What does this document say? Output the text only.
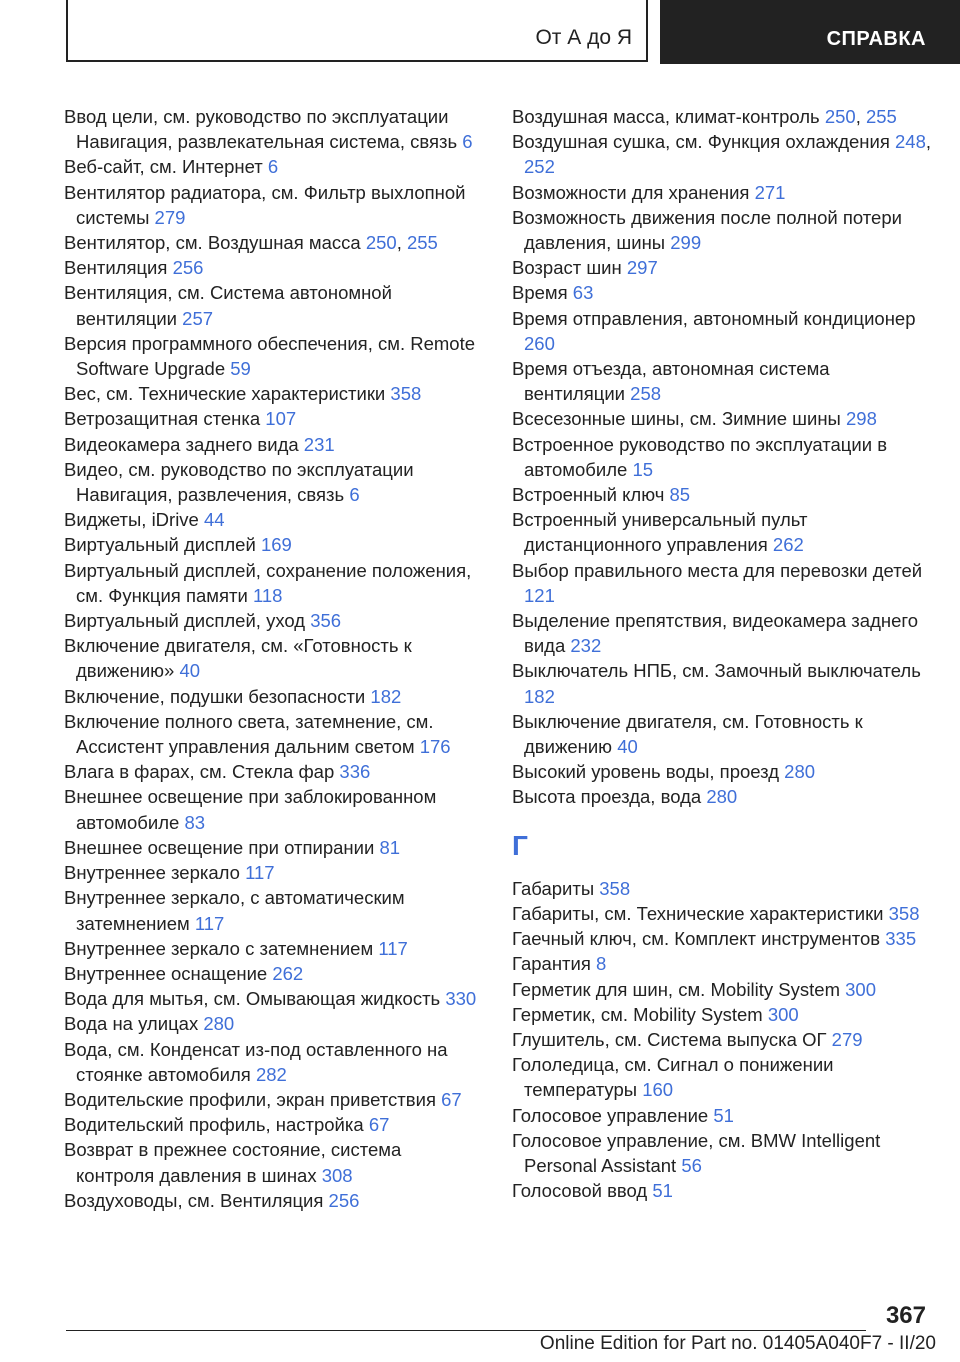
От А до Я	СПРАВКА
Ввод цели, см. руководство по эксплуатации Навигация, развлекательная система, связь 6
Веб-сайт, см. Интернет 6
Вентилятор радиатора, см. Фильтр выхлопной системы 279
Вентилятор, см. Воздушная масса 250, 255
Вентиляция 256
Вентиляция, см. Система автономной вентиляции 257
Версия программного обеспечения, см. Remote Software Upgrade 59
Вес, см. Технические характеристики 358
Ветрозащитная стенка 107
Видеокамера заднего вида 231
Видео, см. руководство по эксплуатации Навигация, развлечения, связь 6
Виджеты, iDrive 44
Виртуальный дисплей 169
Виртуальный дисплей, сохранение положения, см. Функция памяти 118
Виртуальный дисплей, уход 356
Включение двигателя, см. «Готовность к движению» 40
Включение, подушки безопасности 182
Включение полного света, затемнение, см. Ассистент управления дальним светом 176
Влага в фарах, см. Стекла фар 336
Внешнее освещение при заблокированном автомобиле 83
Внешнее освещение при отпирании 81
Внутреннее зеркало 117
Внутреннее зеркало, с автоматическим затемнением 117
Внутреннее зеркало с затемнением 117
Внутреннее оснащение 262
Вода для мытья, см. Омывающая жидкость 330
Вода на улицах 280
Вода, см. Конденсат из-под оставленного на стоянке автомобиля 282
Водительские профили, экран приветствия 67
Водительский профиль, настройка 67
Возврат в прежнее состояние, система контроля давления в шинах 308
Воздуховоды, см. Вентиляция 256
Воздушная масса, климат-контроль 250, 255
Воздушная сушка, см. Функция охлаждения 248, 252
Возможности для хранения 271
Возможность движения после полной потери давления, шины 299
Возраст шин 297
Время 63
Время отправления, автономный кондиционер 260
Время отъезда, автономная система вентиляции 258
Всесезонные шины, см. Зимние шины 298
Встроенное руководство по эксплуатации в автомобиле 15
Встроенный ключ 85
Встроенный универсальный пульт дистанционного управления 262
Выбор правильного места для перевозки детей 121
Выделение препятствия, видеокамера заднего вида 232
Выключатель НПБ, см. Замочный выключатель 182
Выключение двигателя, см. Готовность к движению 40
Высокий уровень воды, проезд 280
Высота проезда, вода 280
Г
Габариты 358
Габариты, см. Технические характеристики 358
Гаечный ключ, см. Комплект инструментов 335
Гарантия 8
Герметик для шин, см. Mobility System 300
Герметик, см. Mobility System 300
Глушитель, см. Система выпуска ОГ 279
Гололедица, см. Сигнал о понижении температуры 160
Голосовое управление 51
Голосовое управление, см. BMW Intelligent Personal Assistant 56
Голосовой ввод 51
367
Online Edition for Part no. 01405A040F7 - II/20
